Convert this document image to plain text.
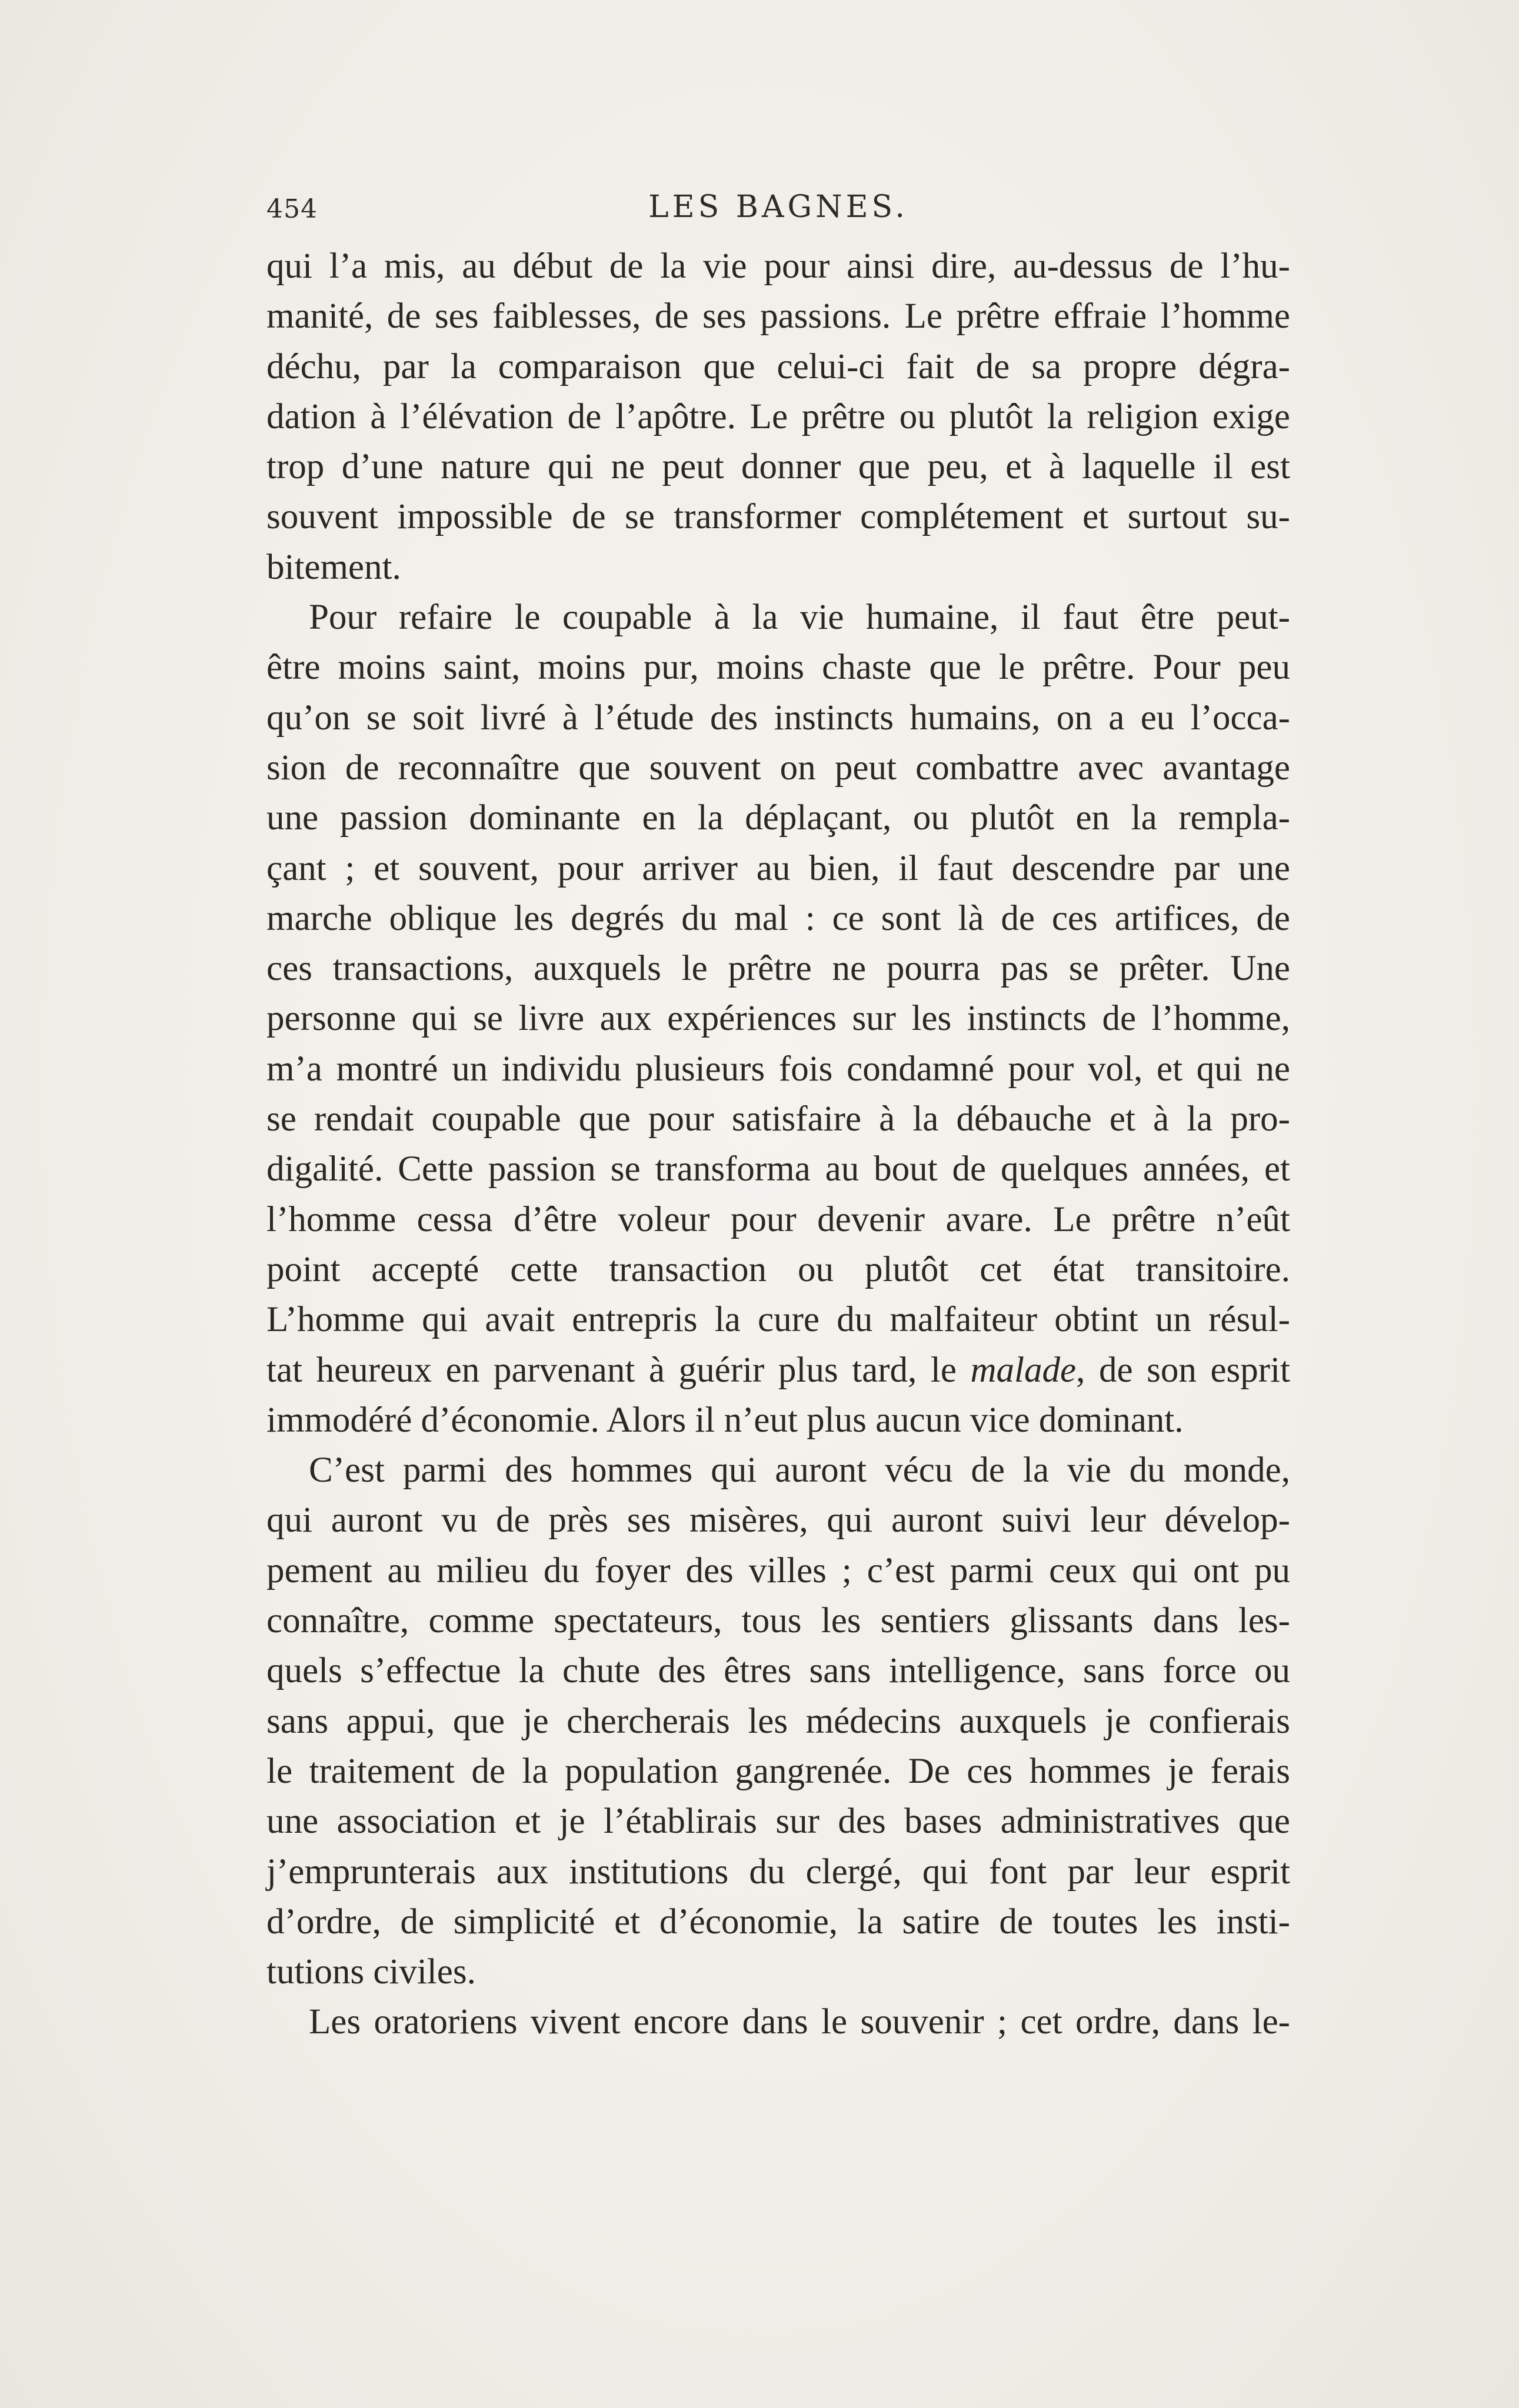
454	LES BAGNES.
qui l’a mis, au début de la vie pour ainsi dire, au-dessus de l’hu-
manité, de ses faiblesses, de ses passions. Le prêtre effraie l’homme
déchu, par la comparaison que celui-ci fait de sa propre dégra-
dation à l’élévation de l’apôtre. Le prêtre ou plutôt la religion exige
trop d’une nature qui ne peut donner que peu, et à laquelle il est
souvent impossible de se transformer complétement et surtout su-
bitement.
Pour refaire le coupable à la vie humaine, il faut être peut-
être moins saint, moins pur, moins chaste que le prêtre. Pour peu
qu’on se soit livré à l’étude des instincts humains, on a eu l’occa-
sion de reconnaître que souvent on peut combattre avec avantage
une passion dominante en la déplaçant, ou plutôt en la rempla-
çant ; et souvent, pour arriver au bien, il faut descendre par une
marche oblique les degrés du mal : ce sont là de ces artifices, de
ces transactions, auxquels le prêtre ne pourra pas se prêter. Une
personne qui se livre aux expériences sur les instincts de l’homme,
m’a montré un individu plusieurs fois condamné pour vol, et qui ne
se rendait coupable que pour satisfaire à la débauche et à la pro-
digalité. Cette passion se transforma au bout de quelques années, et
l’homme cessa d’être voleur pour devenir avare. Le prêtre n’eût
point accepté cette transaction ou plutôt cet état transitoire.
L’homme qui avait entrepris la cure du malfaiteur obtint un résul-
tat heureux en parvenant à guérir plus tard, le malade, de son esprit
immodéré d’économie. Alors il n’eut plus aucun vice dominant.
C’est parmi des hommes qui auront vécu de la vie du monde,
qui auront vu de près ses misères, qui auront suivi leur dévelop-
pement au milieu du foyer des villes ; c’est parmi ceux qui ont pu
connaître, comme spectateurs, tous les sentiers glissants dans les-
quels s’effectue la chute des êtres sans intelligence, sans force ou
sans appui, que je chercherais les médecins auxquels je confierais
le traitement de la population gangrenée. De ces hommes je ferais
une association et je l’établirais sur des bases administratives que
j’emprunterais aux institutions du clergé, qui font par leur esprit
d’ordre, de simplicité et d’économie, la satire de toutes les insti-
tutions civiles.
Les oratoriens vivent encore dans le souvenir ; cet ordre, dans le-
